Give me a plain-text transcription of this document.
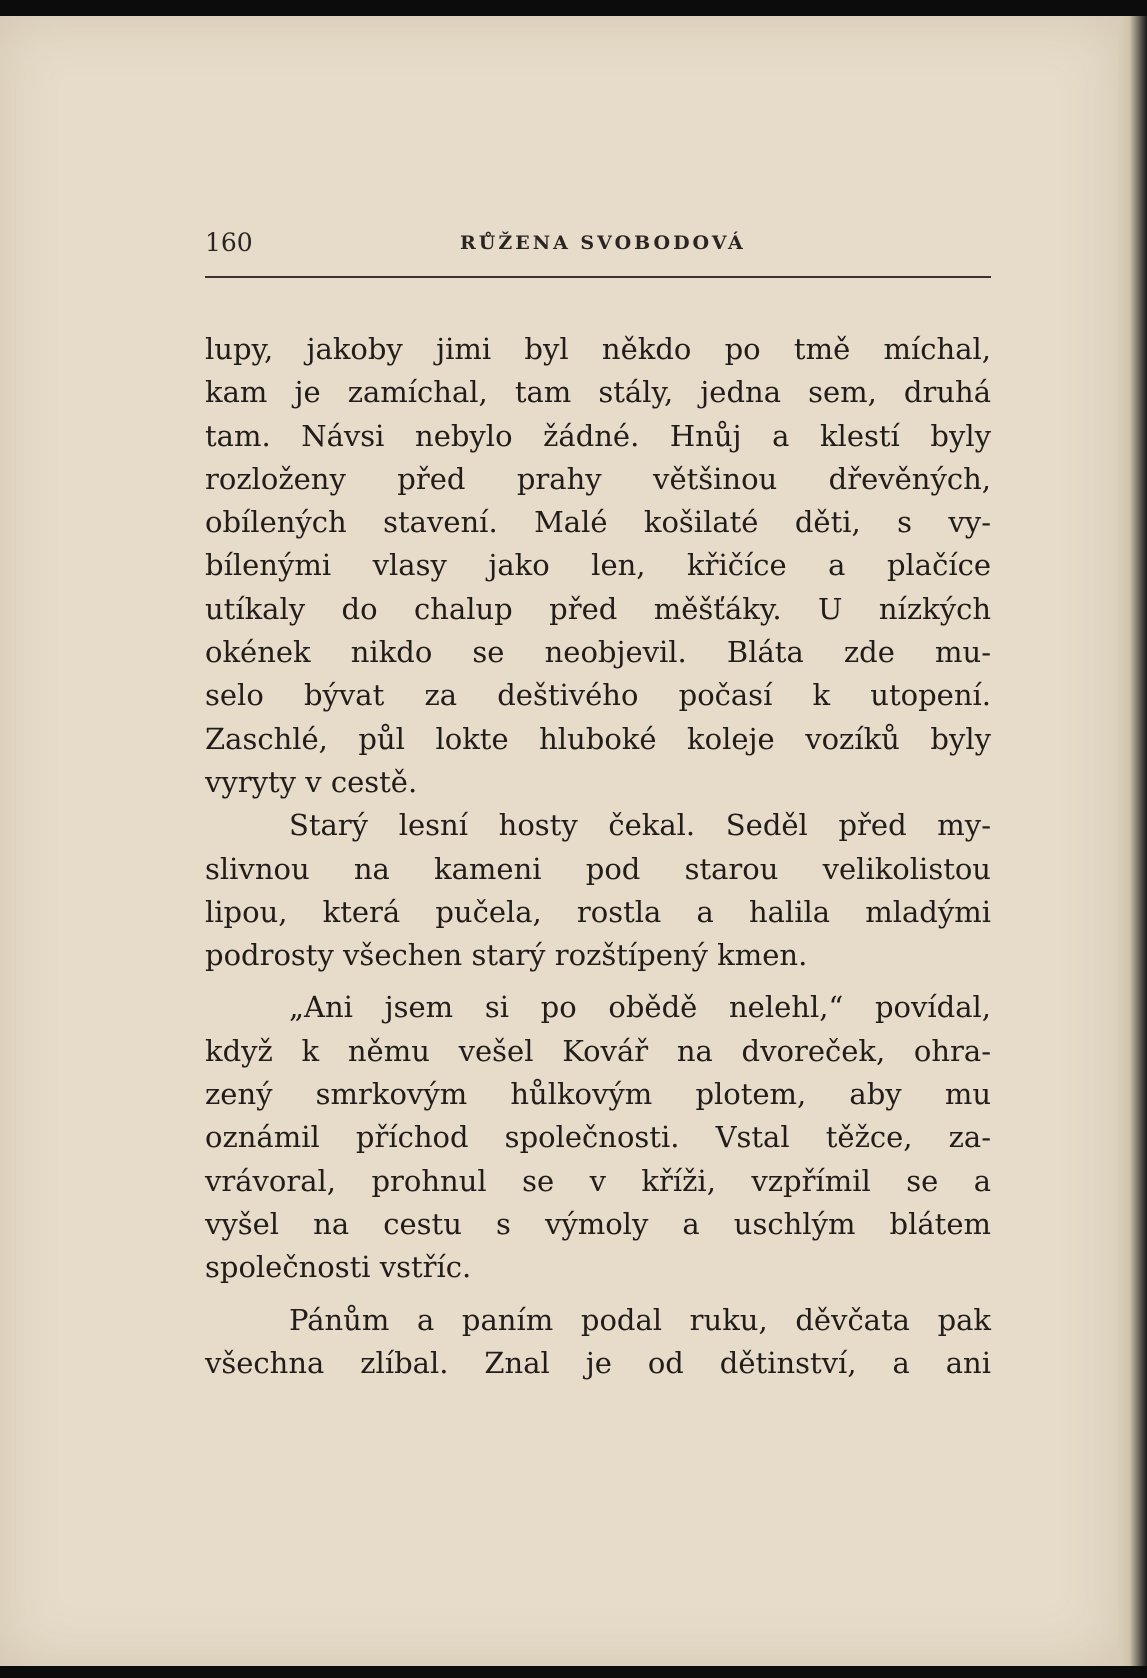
160	RŮŽENA SVOBODOVÁ
lupy, jakoby jimi byl někdo po tmě míchal,
kam je zamíchal, tam stály, jedna sem, druhá
tam. Návsi nebylo žádné. Hnůj a klestí byly
rozloženy před prahy většinou dřevěných,
obílených stavení. Malé košilaté děti, s vy-
bílenými vlasy jako len, křičíce a plačíce
utíkaly do chalup před měšťáky. U nízkých
okének nikdo se neobjevil. Bláta zde mu-
selo bývat za deštivého počasí k utopení.
Zaschlé, půl lokte hluboké koleje vozíků byly
vyryty v cestě.
Starý lesní hosty čekal. Seděl před my-
slivnou na kameni pod starou velikolistou
lipou, která pučela, rostla a halila mladými
podrosty všechen starý rozštípený kmen.
„Ani jsem si po obědě nelehl,“ povídal,
když k němu vešel Kovář na dvoreček, ohra-
zený smrkovým hůlkovým plotem, aby mu
oznámil příchod společnosti. Vstal těžce, za-
vrávoral, prohnul se v kříži, vzpřímil se a
vyšel na cestu s výmoly a uschlým blátem
společnosti vstříc.
Pánům a paním podal ruku, děvčata pak
všechna zlíbal. Znal je od dětinství, a ani
